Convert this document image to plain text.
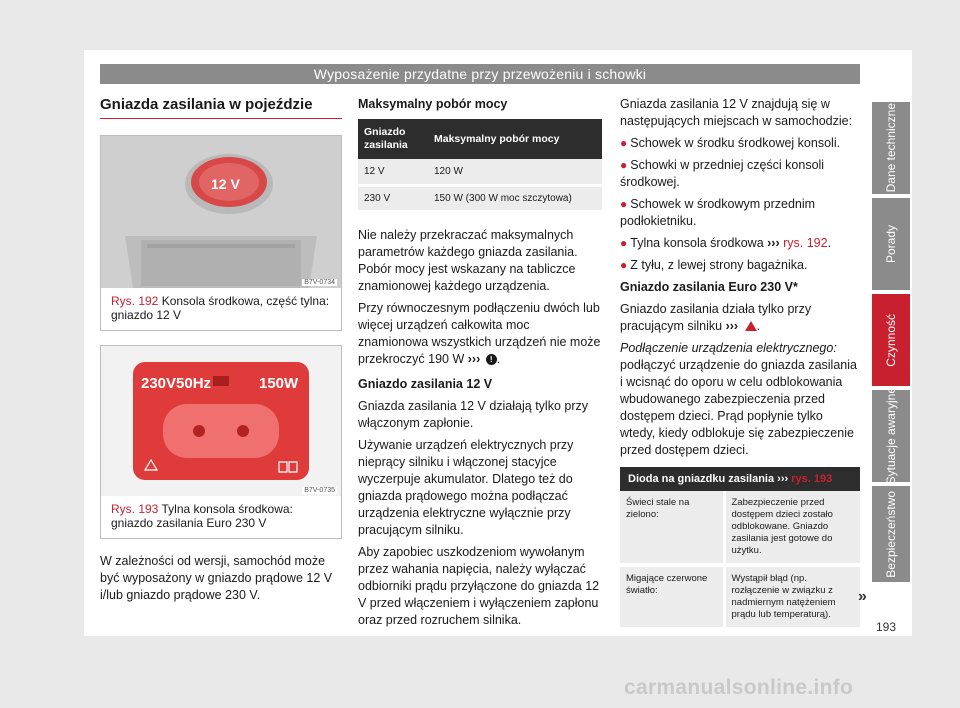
Wyposażenie przydatne przy przewożeniu i schowki
Gniazda zasilania w pojeździe
12 V
B7V-0734
Rys. 192 Konsola środkowa, część tylna: gniazdo 12 V
230V50Hz	150W
B7V-0735
Rys. 193 Tylna konsola środkowa: gniazdo zasilania Euro 230 V

W zależności od wersji, samochód może być wyposażony w gniazdo prądowe 12 V i/lub gniazdo prądowe 230 V.

Maksymalny pobór mocy
Gniazdo zasilania	Maksymalny pobór mocy
12 V	120 W
230 V	150 W (300 W moc szczytowa)

Nie należy przekraczać maksymalnych parametrów każdego gniazda zasilania. Pobór mocy jest wskazany na tabliczce znamionowej każdego urządzenia.

Przy równoczesnym podłączeniu dwóch lub więcej urządzeń całkowita moc znamionowa wszystkich urządzeń nie może przekroczyć 190 W ››› ! .

Gniazdo zasilania 12 V

Gniazda zasilania 12 V działają tylko przy włączonym zapłonie.

Używanie urządzeń elektrycznych przy nieprący silniku i włączonej stacyjce wyczerpuje akumulator. Dlatego też do gniazda prądowego można podłączać urządzenia elektryczne wyłącznie przy pracującym silniku.

Aby zapobiec uszkodzeniom wywołanym przez wahania napięcia, należy wyłączać odbiorniki prądu przyłączone do gniazda 12 V przed włączeniem i wyłączeniem zapłonu oraz przed rozruchem silnika.

Gniazda zasilania 12 V znajdują się w następujących miejscach w samochodzie:

● Schowek w środku środkowej konsoli.
● Schowki w przedniej części konsoli środkowej.
● Schowek w środkowym przednim podłokietniku.
● Tylna konsola środkowa ››› rys. 192.
● Z tyłu, z lewej strony bagażnika.
Gniazdo zasilania Euro 230 V*

Gniazdo zasilania działa tylko przy pracującym silniku ››› .

Podłączenie urządzenia elektrycznego: podłączyć urządzenie do gniazda zasilania i wcisnąć do oporu w celu odblokowania wbudowanego zabezpieczenia przed dostępem dzieci. Prąd popłynie tylko wtedy, kiedy odblokuje się zabezpieczenie przed dostępem dzieci.

Dioda na gniazdku zasilania ››› rys. 193
Świeci stale na zielono:	Zabezpieczenie przed dostępem dzieci zostało odblokowane. Gniazdo zasilania jest gotowe do użytku.
Migające czerwone światło:	Wystąpił błąd (np. rozłączenie w związku z nadmiernym natężeniem prądu lub temperaturą).
»
Dane techniczne
Porady
Czynność
Sytuacje awaryjne
Bezpieczeństwo
193
carmanualsonline.info
